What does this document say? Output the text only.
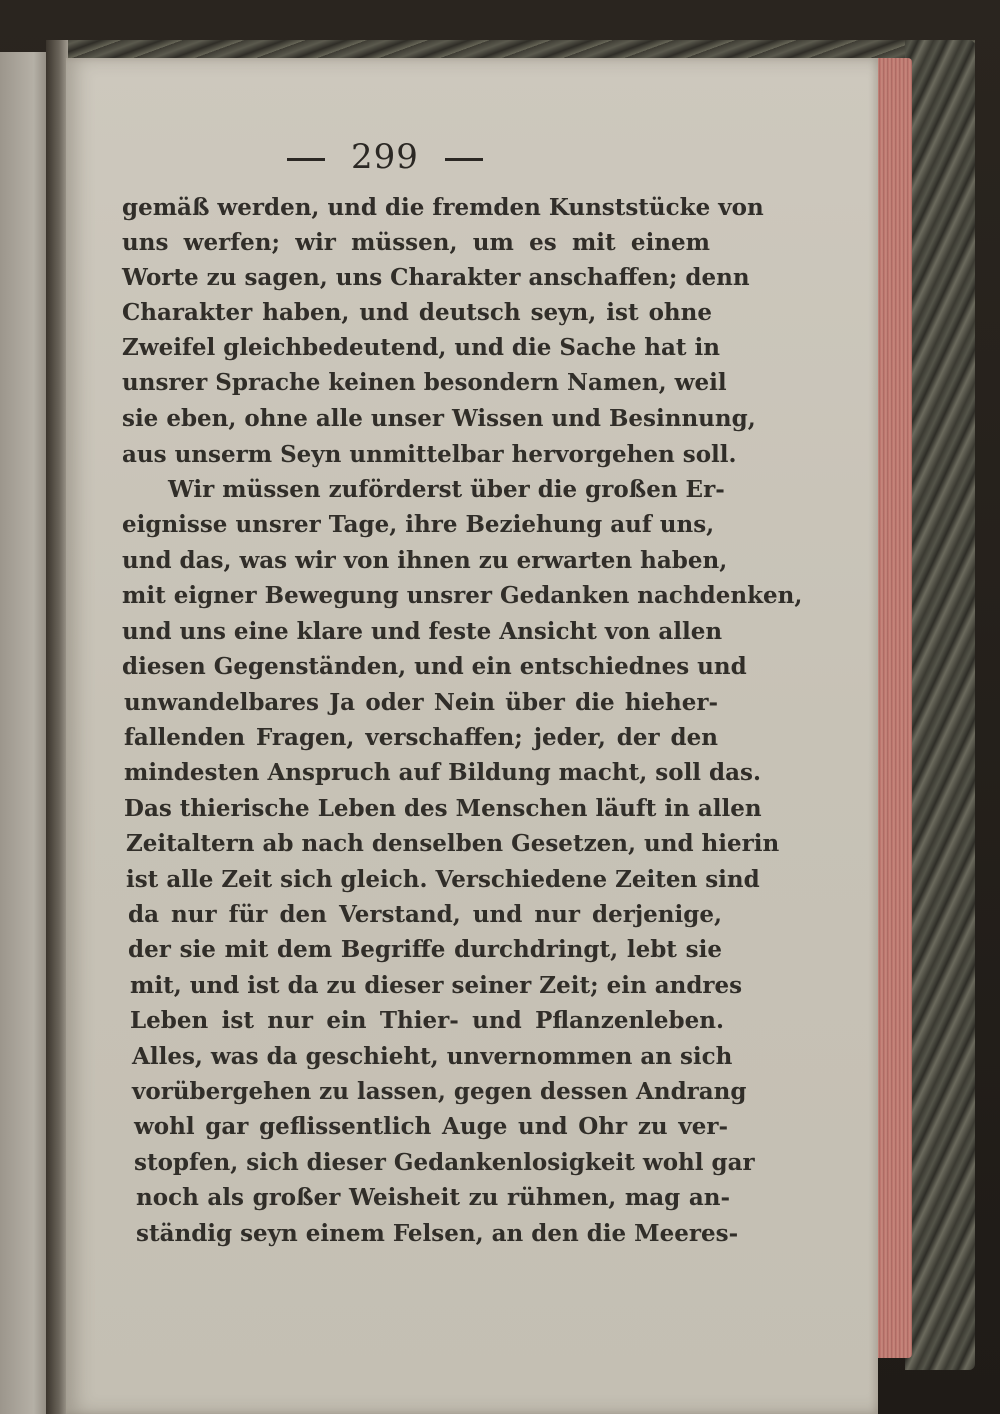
299
gemäß werden, und die fremden Kunststücke von
uns werfen; wir müssen, um es mit einem
Worte zu sagen, uns Charakter anschaffen; denn
Charakter haben, und deutsch seyn, ist ohne
Zweifel gleichbedeutend, und die Sache hat in
unsrer Sprache keinen besondern Namen, weil
sie eben, ohne alle unser Wissen und Besinnung,
aus unserm Seyn unmittelbar hervorgehen soll.
Wir müssen zuförderst über die großen Er-
eignisse unsrer Tage, ihre Beziehung auf uns,
und das, was wir von ihnen zu erwarten haben,
mit eigner Bewegung unsrer Gedanken nachdenken,
und uns eine klare und feste Ansicht von allen
diesen Gegenständen, und ein entschiednes und
unwandelbares Ja oder Nein über die hieher-
fallenden Fragen, verschaffen; jeder, der den
mindesten Anspruch auf Bildung macht, soll das.
Das thierische Leben des Menschen läuft in allen
Zeitaltern ab nach denselben Gesetzen, und hierin
ist alle Zeit sich gleich. Verschiedene Zeiten sind
da nur für den Verstand, und nur derjenige,
der sie mit dem Begriffe durchdringt, lebt sie
mit, und ist da zu dieser seiner Zeit; ein andres
Leben ist nur ein Thier- und Pflanzenleben.
Alles, was da geschieht, unvernommen an sich
vorübergehen zu lassen, gegen dessen Andrang
wohl gar geflissentlich Auge und Ohr zu ver-
stopfen, sich dieser Gedankenlosigkeit wohl gar
noch als großer Weisheit zu rühmen, mag an-
ständig seyn einem Felsen, an den die Meeres-
